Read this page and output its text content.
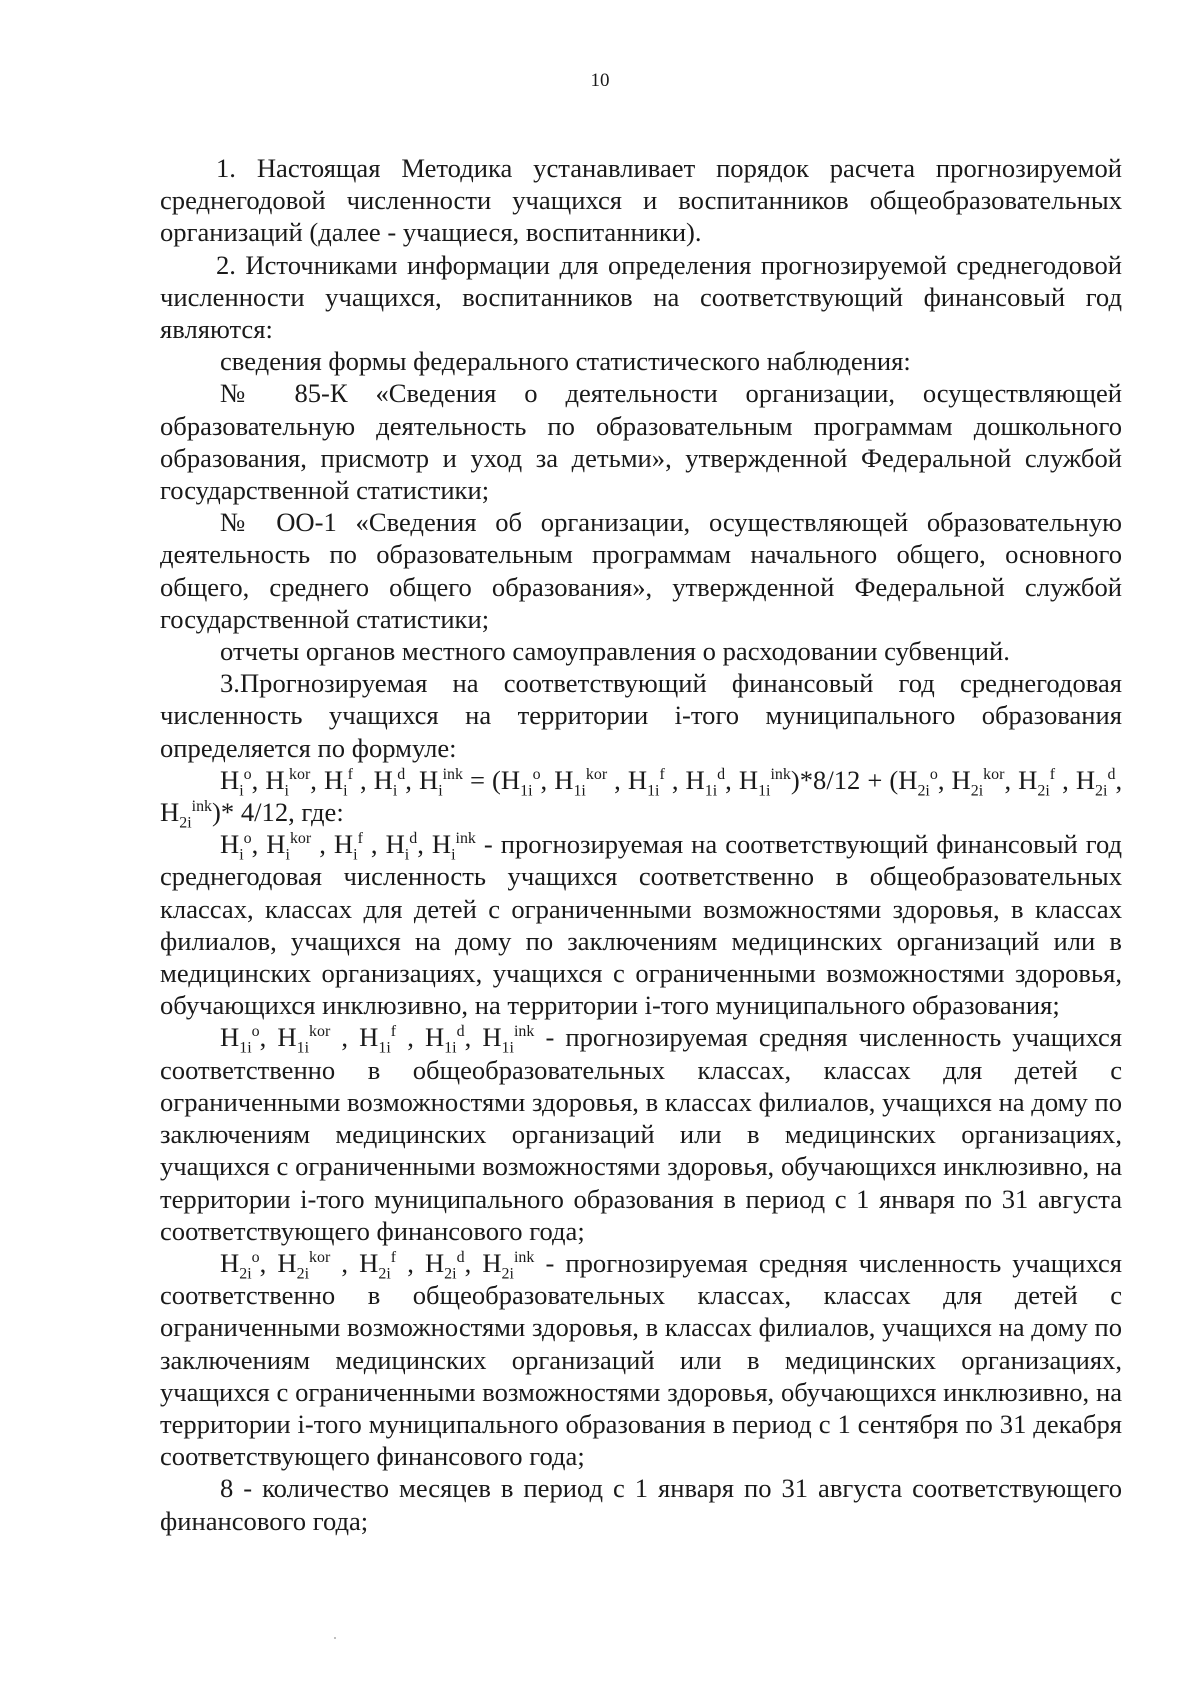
10

1. Настоящая Методика устанавливает порядок расчета прогнозируемой среднегодовой численности учащихся и воспитанников общеобразовательных организаций (далее - учащиеся, воспитанники).

2. Источниками информации для определения прогнозируемой среднегодовой численности учащихся, воспитанников на соответствующий финансовый год являются:

сведения формы федерального статистического наблюдения:

№ 85-К «Сведения о деятельности организации, осуществляющей образовательную деятельность по образовательным программам дошкольного образования, присмотр и уход за детьми», утвержденной Федеральной службой государственной статистики;

№ ОО-1 «Сведения об организации, осуществляющей образовательную деятельность по образовательным программам начального общего, основного общего, среднего общего образования», утвержденной Федеральной службой государственной статистики;

отчеты органов местного самоуправления о расходовании субвенций.

3.Прогнозируемая на соответствующий финансовый год среднегодовая численность учащихся на территории i-того муниципального образования определяется по формуле:

$H_i^o$, $H_i^{kor}$, $H_i^f$ , $H_i^d$, $H_i^{ink} = (H_{1i}^o$, $H_{1i}^{kor}$ , $H_{1i}^f$ , $H_{1i}^d$, $H_{1i}^{ink})*8/12 + (H_{2i}^o$, $H_{2i}^{kor}$, $H_{2i}^f$ , $H_{2i}^d$, $H_{2i}^{ink})*$ 4/12, где:

$H_i^o$, $H_i^{kor}$ , $H_i^f$ , $H_i^d$, $H_i^{ink}$ - прогнозируемая на соответствующий финансовый год среднегодовая численность учащихся соответственно в общеобразовательных классах, классах для детей с ограниченными возможностями здоровья, в классах филиалов, учащихся на дому по заключениям медицинских организаций или в медицинских организациях, учащихся с ограниченными возможностями здоровья, обучающихся инклюзивно, на территории i-того муниципального образования;

$H_{1i}^o$, $H_{1i}^{kor}$ , $H_{1i}^f$ , $H_{1i}^d$, $H_{1i}^{ink}$ - прогнозируемая средняя численность учащихся соответственно в общеобразовательных классах, классах для детей с ограниченными возможностями здоровья, в классах филиалов, учащихся на дому по заключениям медицинских организаций или в медицинских организациях, учащихся с ограниченными возможностями здоровья, обучающихся инклюзивно, на территории i-того муниципального образования в период с 1 января по 31 августа соответствующего финансового года;

$H_{2i}^o$, $H_{2i}^{kor}$ , $H_{2i}^f$ , $H_{2i}^d$, $H_{2i}^{ink}$ - прогнозируемая средняя численность учащихся соответственно в общеобразовательных классах, классах для детей с ограниченными возможностями здоровья, в классах филиалов, учащихся на дому по заключениям медицинских организаций или в медицинских организациях, учащихся с ограниченными возможностями здоровья, обучающихся инклюзивно, на территории i-того муниципального образования в период с 1 сентября по 31 декабря соответствующего финансового года;

8 - количество месяцев в период с 1 января по 31 августа соответствующего финансового года;
